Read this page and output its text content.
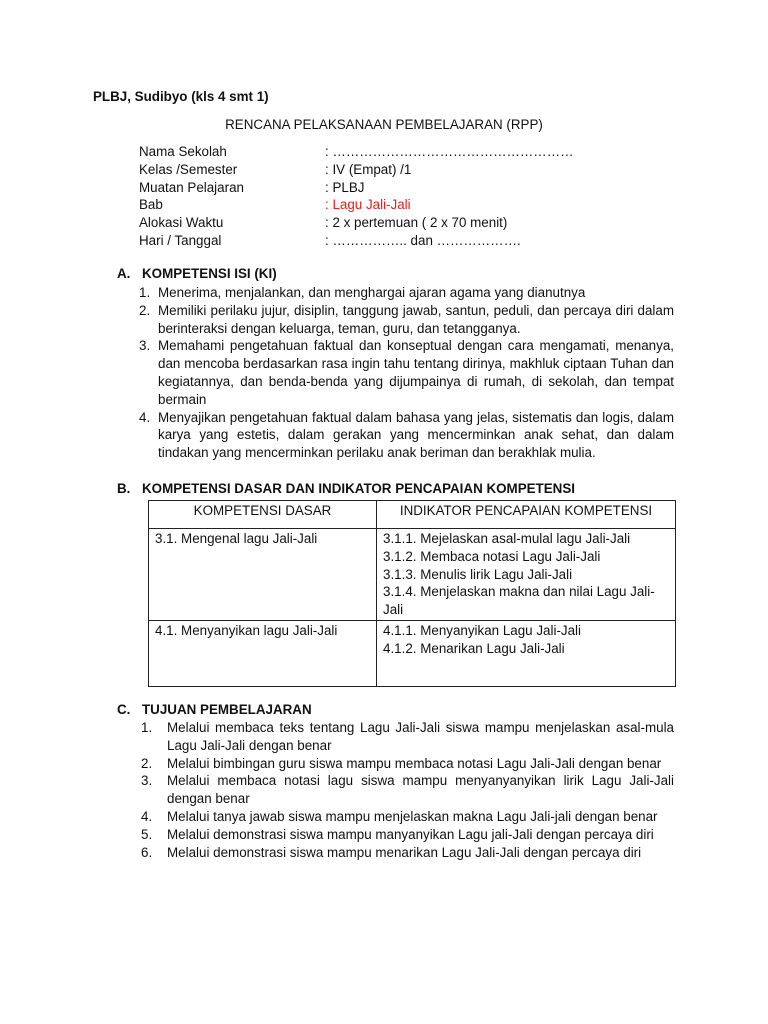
PLBJ, Sudibyo (kls 4 smt 1)
RENCANA PELAKSANAAN PEMBELAJARAN (RPP)
Nama Sekolah	: ………………………………………………
Kelas /Semester	: IV (Empat) /1
Muatan Pelajaran	: PLBJ
Bab	: Lagu Jali-Jali
Alokasi Waktu	: 2 x pertemuan ( 2 x 70 menit)
Hari / Tanggal	: …………….. dan ……………….
A. KOMPETENSI ISI (KI)
1. Menerima, menjalankan, dan menghargai ajaran agama yang dianutnya
2. Memiliki perilaku jujur, disiplin, tanggung jawab, santun, peduli, dan percaya diri dalam berinteraksi dengan keluarga, teman, guru, dan tetangganya.
3. Memahami pengetahuan faktual dan konseptual dengan cara mengamati, menanya, dan mencoba berdasarkan rasa ingin tahu tentang dirinya, makhluk ciptaan Tuhan dan kegiatannya, dan benda-benda yang dijumpainya di rumah, di sekolah, dan tempat bermain
4. Menyajikan pengetahuan faktual dalam bahasa yang jelas, sistematis dan logis, dalam karya yang estetis, dalam gerakan yang mencerminkan anak sehat, dan dalam tindakan yang mencerminkan perilaku anak beriman dan berakhlak mulia.
B. KOMPETENSI DASAR DAN INDIKATOR PENCAPAIAN KOMPETENSI
KOMPETENSI DASAR	INDIKATOR PENCAPAIAN KOMPETENSI
3.1. Mengenal lagu Jali-Jali	3.1.1. Mejelaskan asal-mulal lagu Jali-Jali
3.1.2. Membaca notasi Lagu Jali-Jali
3.1.3. Menulis lirik Lagu Jali-Jali
3.1.4. Menjelaskan makna dan nilai Lagu Jali-Jali

4.1. Menyanyikan lagu Jali-Jali	4.1.1. Menyanyikan Lagu Jali-Jali
4.1.2. Menarikan Lagu Jali-Jali
C. TUJUAN PEMBELAJARAN
1. Melalui membaca teks tentang Lagu Jali-Jali siswa mampu menjelaskan asal-mula Lagu Jali-Jali dengan benar
2. Melalui bimbingan guru siswa mampu membaca notasi Lagu Jali-Jali dengan benar
3. Melalui membaca notasi lagu siswa mampu menyanyanyikan lirik Lagu Jali-Jali dengan benar
4. Melalui tanya jawab siswa mampu menjelaskan makna Lagu Jali-jali dengan benar
5. Melalui demonstrasi siswa mampu manyanyikan Lagu jali-Jali dengan percaya diri
6. Melalui demonstrasi siswa mampu menarikan Lagu Jali-Jali dengan percaya diri
